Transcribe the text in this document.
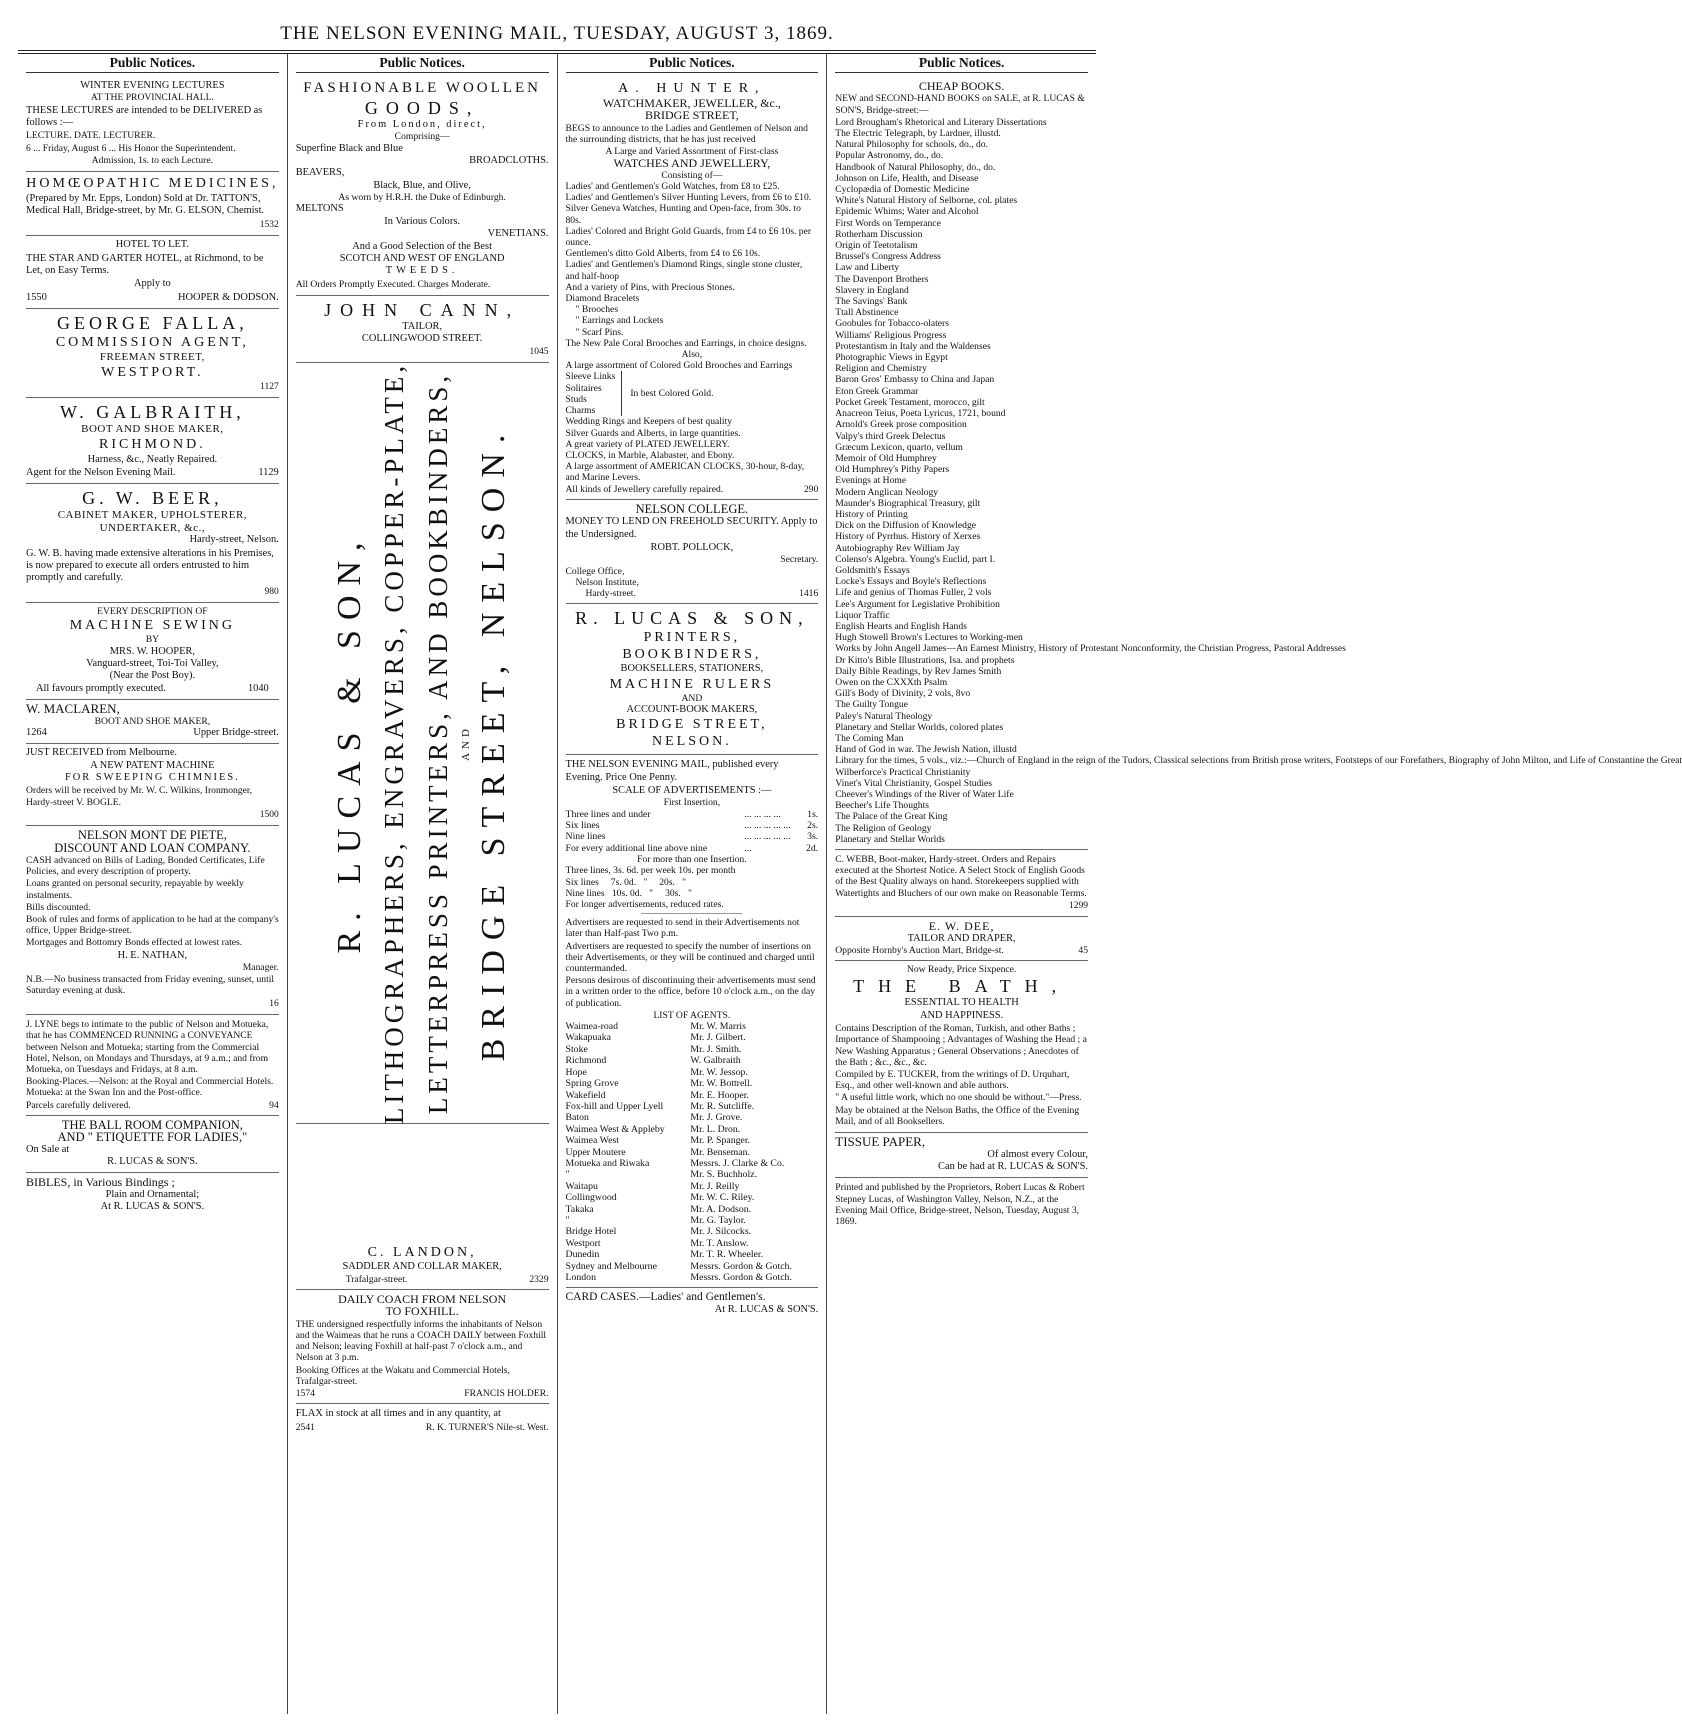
THE NELSON EVENING MAIL, TUESDAY, AUGUST 3, 1869.
Public Notices.
WINTER EVENING LECTURES
AT THE PROVINCIAL HALL.

THESE LECTURES are intended to be DELIVERED as follows :—

LECTURE. DATE. LECTURER.

6 ... Friday, August 6 ... His Honor the Superintendent.

Admission, 1s. to each Lecture.

HOMŒOPATHIC MEDICINES,

(Prepared by Mr. Epps, London) Sold at Dr. TATTON'S, Medical Hall, Bridge-street, by Mr. G. ELSON, Chemist.

1532
HOTEL TO LET.

THE STAR AND GARTER HOTEL, at Richmond, to be Let, on Easy Terms.

Apply to

1550	HOOPER & DODSON.
GEORGE FALLA,
COMMISSION AGENT,
FREEMAN STREET,
WESTPORT.
1127
W. GALBRAITH,
BOOT AND SHOE MAKER,
RICHMOND.

Harness, &c., Neatly Repaired.

Agent for the Nelson Evening Mail.	1129
G. W. BEER,
CABINET MAKER, UPHOLSTERER,
UNDERTAKER, &c.,
Hardy-street, Nelson.

G. W. B. having made extensive alterations in his Premises, is now prepared to execute all orders entrusted to him promptly and carefully.

980
EVERY DESCRIPTION OF
MACHINE SEWING
BY
MRS. W. HOOPER,
Vanguard-street, Toi-Toi Valley,
(Near the Post Boy).
All favours promptly executed.	1040
W. MACLAREN,
BOOT AND SHOE MAKER,
1264	Upper Bridge-street.
JUST RECEIVED from Melbourne.
A NEW PATENT MACHINE
FOR SWEEPING CHIMNIES.

Orders will be received by Mr. W. C. Wilkins, Ironmonger, Hardy-street V. BOGLE.

1500
NELSON MONT DE PIETE,
DISCOUNT AND LOAN COMPANY.

CASH advanced on Bills of Lading, Bonded Certificates, Life Policies, and every description of property.

Loans granted on personal security, repayable by weekly instalments.

Bills discounted.

Book of rules and forms of application to be had at the company's office, Upper Bridge-street.

Mortgages and Bottomry Bonds effected at lowest rates.

H. E. NATHAN,
Manager.

N.B.—No business transacted from Friday evening, sunset, until Saturday evening at dusk.

16

J. LYNE begs to intimate to the public of Nelson and Motueka, that he has COMMENCED RUNNING a CONVEYANCE between Nelson and Motueka; starting from the Commercial Hotel, Nelson, on Mondays and Thursdays, at 9 a.m.; and from Motueka, on Tuesdays and Fridays, at 8 a.m.

Booking-Places.—Nelson: at the Royal and Commercial Hotels. Motueka: at the Swan Inn and the Post-office.

Parcels carefully delivered.	94
THE BALL ROOM COMPANION,
AND " ETIQUETTE FOR LADIES,"
On Sale at
R. LUCAS & SON'S.
BIBLES, in Various Bindings ;
Plain and Ornamental;
At R. LUCAS & SON'S.
Public Notices.
FASHIONABLE WOOLLEN
GOODS,
From London, direct,
Comprising—
Superfine Black and Blue
BROADCLOTHS.
BEAVERS,
Black, Blue, and Olive,
As worn by H.R.H. the Duke of Edinburgh.
MELTONS
In Various Colors.
VENETIANS.
And a Good Selection of the Best
SCOTCH AND WEST OF ENGLAND
TWEEDS.

All Orders Promptly Executed. Charges Moderate.

JOHN CANN,
TAILOR,
COLLINGWOOD STREET.
1045
R. LUCAS & SON, LITHOGRAPHERS, ENGRAVERS, COPPER-PLATE, LETTERPRESS PRINTERS, AND BOOKBINDERS, AND BRIDGE STREET, NELSON.
C. LANDON,
SADDLER AND COLLAR MAKER,
Trafalgar-street.	2329
DAILY COACH FROM NELSON
TO FOXHILL.

THE undersigned respectfully informs the inhabitants of Nelson and the Waimeas that he runs a COACH DAILY between Foxhill and Nelson; leaving Foxhill at half-past 7 o'clock a.m., and Nelson at 3 p.m.

Booking Offices at the Wakatu and Commercial Hotels, Trafalgar-street.

1574	FRANCIS HOLDER.

FLAX in stock at all times and in any quantity, at

2541	R. K. TURNER'S Nile-st. West.
Public Notices.
A. HUNTER,
WATCHMAKER, JEWELLER, &c.,
BRIDGE STREET,

BEGS to announce to the Ladies and Gentlemen of Nelson and the surrounding districts, that he has just received

A Large and Varied Assortment of First-class
WATCHES AND JEWELLERY,
Consisting of—
Ladies' and Gentlemen's Gold Watches, from £8 to £25.
Ladies' and Gentlemen's Silver Hunting Levers, from £6 to £10.
Silver Geneva Watches, Hunting and Open-face, from 30s. to 80s.
Ladies' Colored and Bright Gold Guards, from £4 to £6 10s. per ounce.
Gentlemen's ditto Gold Alberts, from £4 to £6 10s.
Ladies' and Gentlemen's Diamond Rings, single stone cluster, and half-hoop
And a variety of Pins, with Precious Stones.
Diamond Bracelets
" Brooches
" Earrings and Lockets
" Scarf Pins.
The New Pale Coral Brooches and Earrings, in choice designs.
Also,
A large assortment of Colored Gold Brooches and Earrings
Sleeve Links
Solitaires
Studs
Charms
In best Colored Gold.
Wedding Rings and Keepers of best quality
Silver Guards and Alberts, in large quantities.
A great variety of PLATED JEWELLERY.
CLOCKS, in Marble, Alabaster, and Ebony.
A large assortment of AMERICAN CLOCKS, 30-hour, 8-day, and Marine Levers.
All kinds of Jewellery carefully repaired.	290
NELSON COLLEGE.

MONEY TO LEND ON FREEHOLD SECURITY. Apply to the Undersigned.

ROBT. POLLOCK,
Secretary.
College Office,
Nelson Institute,
Hardy-street.	1416
R. LUCAS & SON,
PRINTERS,
BOOKBINDERS,
BOOKSELLERS, STATIONERS,
MACHINE RULERS
AND
ACCOUNT-BOOK MAKERS,
BRIDGE STREET,
NELSON.

THE NELSON EVENING MAIL, published every Evening. Price One Penny.

SCALE OF ADVERTISEMENTS :—
First Insertion,
Three lines and under	... ... ... ...	1s.
Six lines	... ... ... ... ...	2s.
Nine lines	... ... ... ... ...	3s.
For every additional line above nine	...	2d.
For more than one Insertion.
Three lines, 3s. 6d. per week 10s. per month
Six lines     7s. 0d.   "     20s.   "
Nine lines   10s. 0d.   "     30s.   "
For longer advertisements, reduced rates.

Advertisers are requested to send in their Advertisements not later than Half-past Two p.m.

Advertisers are requested to specify the number of insertions on their Advertisements, or they will be continued and charged until countermanded.

Persons desirous of discontinuing their advertisements must send in a written order to the office, before 10 o'clock a.m., on the day of publication.

LIST OF AGENTS.
Waimea-road	Mr. W. Marris
Wakapuaka	Mr. J. Gilbert.
Stoke	Mr. J. Smith.
Richmond	W. Galbraith
Hope	Mr. W. Jessop.
Spring Grove	Mr. W. Bottrell.
Wakefield	Mr. E. Hooper.
Fox-hill and Upper Lyell	Mr. R. Sutcliffe.
Baton	Mr. J. Grove.
Waimea West & Appleby	Mr. L. Dron.
Waimea West	Mr. P. Spanger.
Upper Moutere	Mr. Benseman.
Motueka and Riwaka	Messrs. J. Clarke & Co.
"	Mr. S. Buchholz.
Waitapu	Mr. J. Reilly
Collingwood	Mr. W. C. Riley.
Takaka	Mr. A. Dodson.
"	Mr. G. Taylor.
Bridge Hotel	Mr. J. Silcocks.
Westport	Mr. T. Anslow.
Dunedin	Mr. T. R. Wheeler.
Sydney and Melbourne	Messrs. Gordon & Gotch.
London	Messrs. Gordon & Gotch.
CARD CASES.—Ladies' and Gentlemen's.
At R. LUCAS & SON'S.
Public Notices.
CHEAP BOOKS.

NEW and SECOND-HAND BOOKS on SALE, at R. LUCAS & SON'S, Bridge-street:—

Lord Brougham's Rhetorical and Literary Dissertations
The Electric Telegraph, by Lardner, illustd.
Natural Philosophy for schools, do., do.
Popular Astronomy, do., do.
Handbook of Natural Philosophy, do., do.
Johnson on Life, Health, and Disease
Cyclopædia of Domestic Medicine
White's Natural History of Selborne, col. plates
Epidemic Whims; Water and Alcohol
First Words on Temperance
Rotherham Discussion
Origin of Teetotalism
Brussel's Congress Address
Law and Liberty
The Davenport Brothers
Slavery in England
The Savings' Bank
Ttall Abstinence
Goobules for Tobacco-olaters
Williams' Religious Progress
Protestantism in Italy and the Waldenses
Photographic Views in Egypt
Religion and Chemistry
Baron Gros' Embassy to China and Japan
Eton Greek Grammar
Pocket Greek Testament, morocco, gilt
Anacreon Teius, Poeta Lyricus, 1721, bound
Arnold's Greek prose composition
Valpy's third Greek Delectus
Græcum Lexicon, quarto, vellum
Memoir of Old Humphrey
Old Humphrey's Pithy Papers
Evenings at Home
Modern Anglican Neology
Maunder's Biographical Treasury, gilt
History of Printing
Dick on the Diffusion of Knowledge
History of Pyrrhus. History of Xerxes
Autobiography Rev William Jay
Colenso's Algebra. Young's Euclid, part I.
Goldsmith's Essays
Locke's Essays and Boyle's Reflections
Life and genius of Thomas Fuller, 2 vols
Lee's Argument for Legislative Prohibition
Liquor Traffic
English Hearts and English Hands
Hugh Stowell Brown's Lectures to Working-men
Works by John Angell James—An Earnest Ministry, History of Protestant Nonconformity, the Christian Progress, Pastoral Addresses
Dr Kitto's Bible Illustrations, Isa. and prophets
Daily Bible Readings, by Rev James Smith
Owen on the CXXXth Psalm
Gill's Body of Divinity, 2 vols, 8vo
The Guilty Tongue
Paley's Natural Theology
Planetary and Stellar Worlds, colored plates
The Coming Man
Hand of God in war. The Jewish Nation, illustd
Library for the times, 5 vols., viz.:—Church of England in the reign of the Tudors, Classical selections from British prose writers, Footsteps of our Forefathers, Biography of John Milton, and Life of Constantine the Great
Wilberforce's Practical Christianity
Vinet's Vital Christianity, Gospel Studies
Cheever's Windings of the River of Water Life
Beecher's Life Thoughts
The Palace of the Great King
The Religion of Geology
Planetary and Stellar Worlds

C. WEBB, Boot-maker, Hardy-street. Orders and Repairs executed at the Shortest Notice. A Select Stock of English Goods of the Best Quality always on hand. Storekeepers supplied with Watertights and Bluchers of our own make on Reasonable Terms.

1299
E. W. DEE,
TAILOR AND DRAPER,
Opposite Hornby's Auction Mart, Bridge-st.	45
Now Ready, Price Sixpence.
THE BATH,
ESSENTIAL TO HEALTH
AND HAPPINESS.

Contains Description of the Roman, Turkish, and other Baths ; Importance of Shampooing ; Advantages of Washing the Head ; a New Washing Apparatus ; General Observations ; Anecdotes of the Bath ; &c., &c., &c.

Compiled by E. TUCKER, from the writings of D. Urquhart, Esq., and other well-known and able authors.

" A useful little work, which no one should be without."—Press.

May be obtained at the Nelson Baths, the Office of the Evening Mail, and of all Booksellers.

TISSUE PAPER,
Of almost every Colour,
Can be had at R. LUCAS & SON'S.

Printed and published by the Proprietors, Robert Lucas & Robert Stepney Lucas, of Washington Valley, Nelson, N.Z., at the Evening Mail Office, Bridge-street, Nelson, Tuesday, August 3, 1869.
